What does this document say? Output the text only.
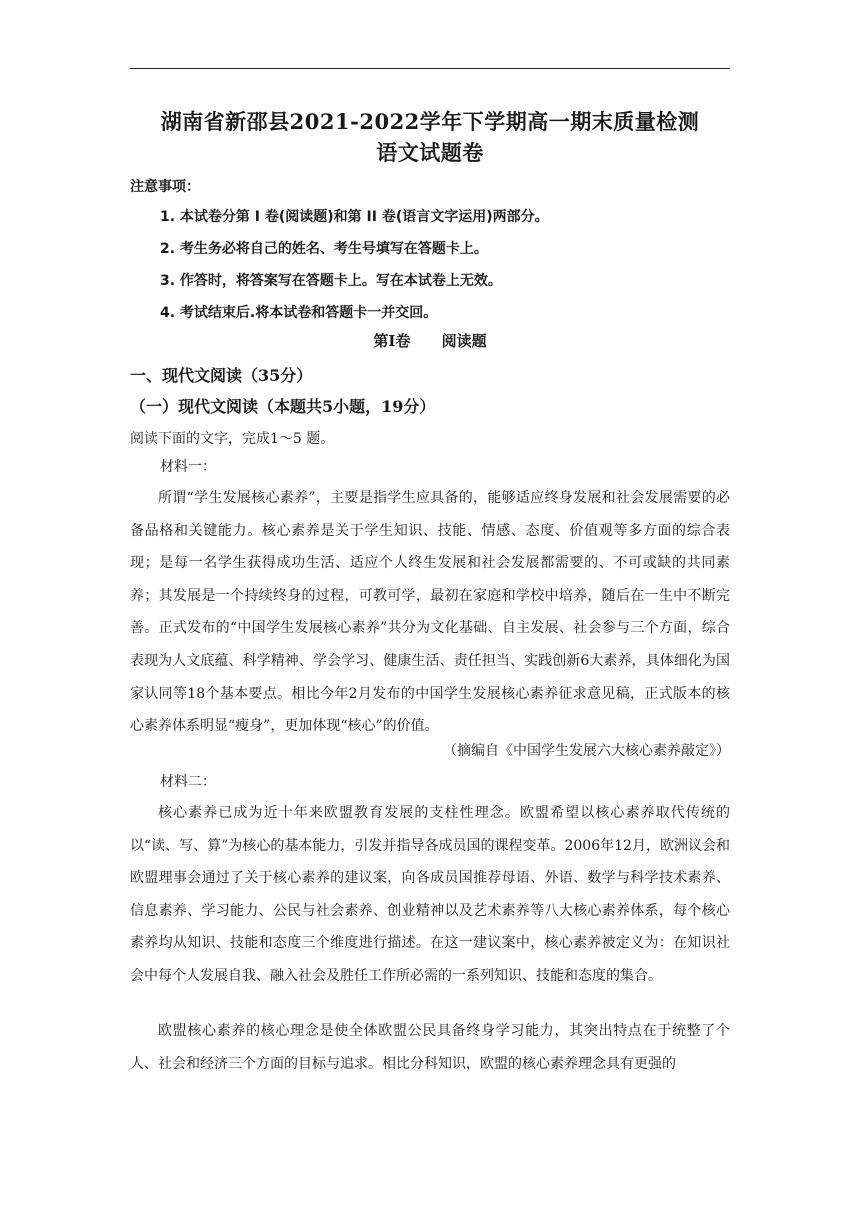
湖南省新邵县2021-2022学年下学期高一期末质量检测
语文试题卷
注意事项：
1. 本试卷分第 I 卷(阅读题)和第 II 卷(语言文字运用)两部分。
2. 考生务必将自己的姓名、考生号填写在答题卡上。
3. 作答时，将答案写在答题卡上。写在本试卷上无效。
4. 考试结束后.将本试卷和答题卡一并交回。
第Ⅰ卷      阅读题
一、现代文阅读（35分）
（一）现代文阅读（本题共5小题，19分）
阅读下面的文字，完成1～5 题。
材料一：

所谓“学生发展核心素养”，主要是指学生应具备的，能够适应终身发展和社会发展需要的必备品格和关键能力。核心素养是关于学生知识、技能、情感、态度、价值观等多方面的综合表现；是每一名学生获得成功生活、适应个人终生发展和社会发展都需要的、不可或缺的共同素养；其发展是一个持续终身的过程，可教可学，最初在家庭和学校中培养，随后在一生中不断完善。正式发布的“中国学生发展核心素养”共分为文化基础、自主发展、社会参与三个方面，综合表现为人文底蕴、科学精神、学会学习、健康生活、责任担当、实践创新6大素养，具体细化为国家认同等18个基本要点。相比今年2月发布的中国学生发展核心素养征求意见稿，正式版本的核心素养体系明显“瘦身”，更加体现“核心”的价值。

（摘编自《中国学生发展六大核心素养敲定》）
材料二：

核心素养已成为近十年来欧盟教育发展的支柱性理念。欧盟希望以核心素养取代传统的以“读、写、算”为核心的基本能力，引发并指导各成员国的课程变革。2006年12月，欧洲议会和欧盟理事会通过了关于核心素养的建议案，向各成员国推荐母语、外语、数学与科学技术素养、信息素养、学习能力、公民与社会素养、创业精神以及艺术素养等八大核心素养体系，每个核心素养均从知识、技能和态度三个维度进行描述。在这一建议案中，核心素养被定义为：在知识社会中每个人发展自我、融入社会及胜任工作所必需的一系列知识、技能和态度的集合。

欧盟核心素养的核心理念是使全体欧盟公民具备终身学习能力，其突出特点在于统整了个人、社会和经济三个方面的目标与追求。相比分科知识，欧盟的核心素养理念具有更强的
